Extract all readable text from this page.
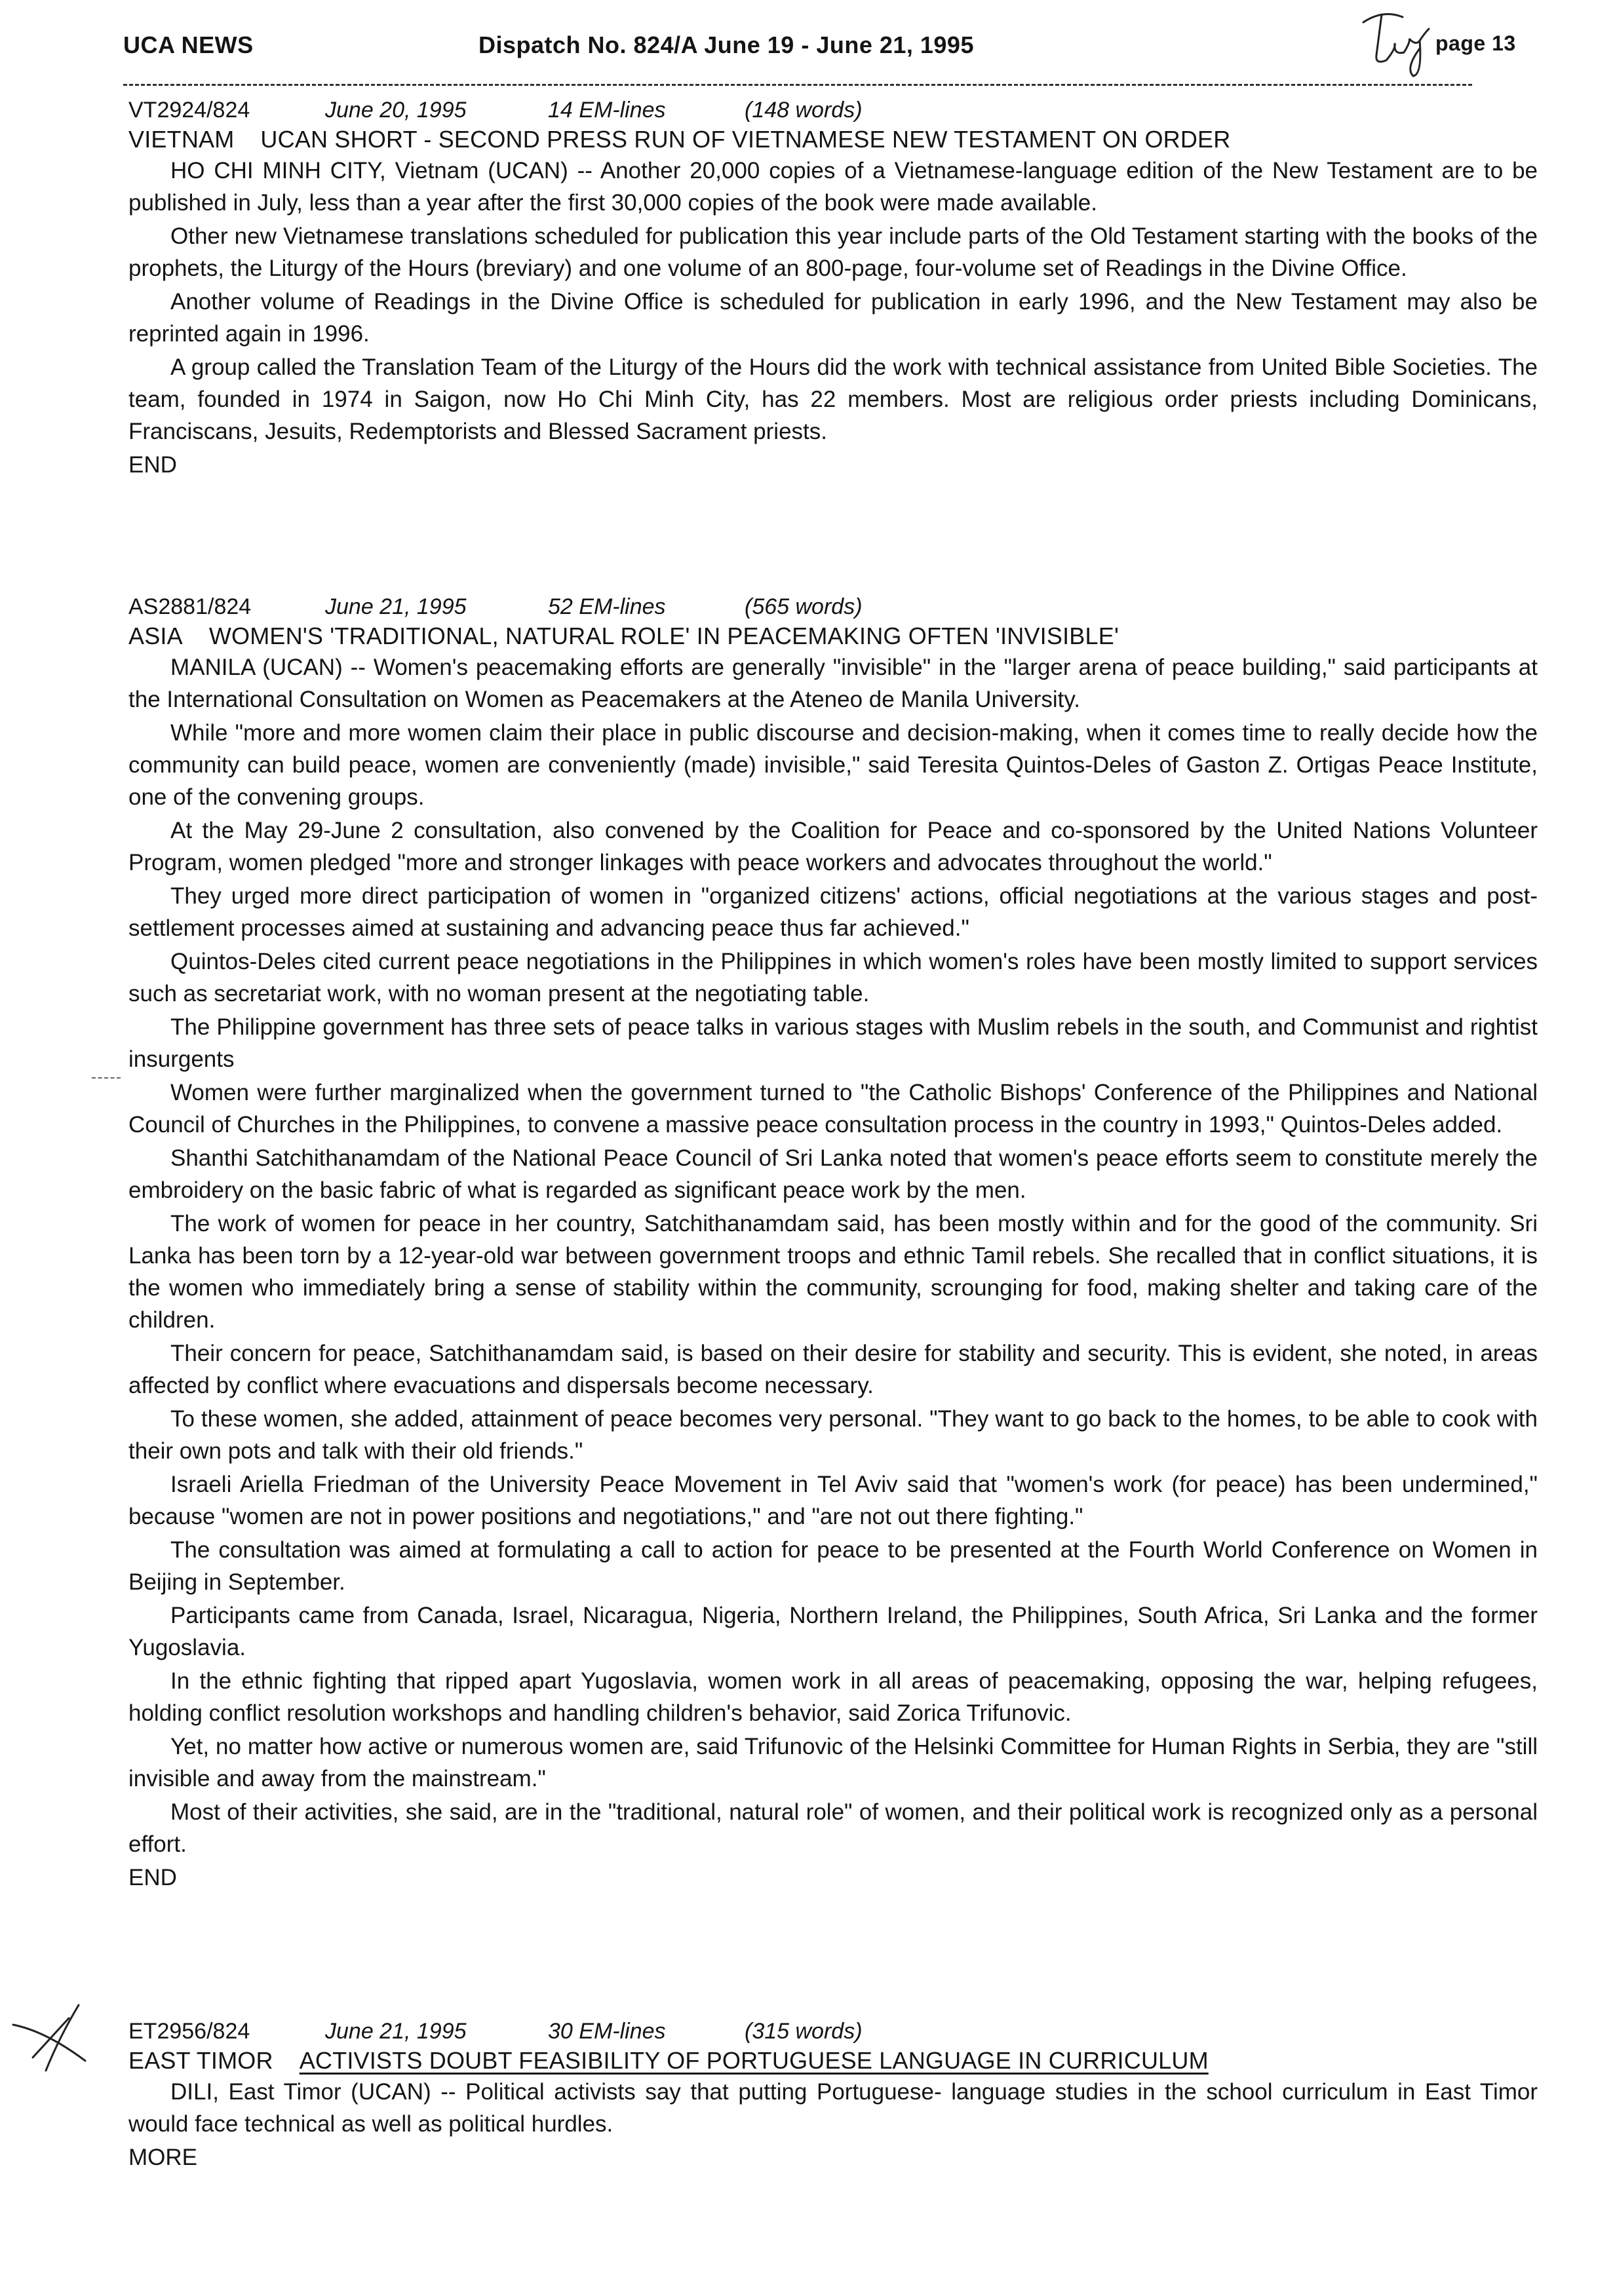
UCA NEWS	Dispatch No. 824/A June 19 - June 21, 1995	page 13
VT2924/824	June 20, 1995	14 EM-lines	(148 words)
VIETNAM UCAN SHORT - SECOND PRESS RUN OF VIETNAMESE NEW TESTAMENT ON ORDER

HO CHI MINH CITY, Vietnam (UCAN) -- Another 20,000 copies of a Vietnamese-language edition of the New Testament are to be published in July, less than a year after the first 30,000 copies of the book were made available.

Other new Vietnamese translations scheduled for publication this year include parts of the Old Testament starting with the books of the prophets, the Liturgy of the Hours (breviary) and one volume of an 800-page, four-volume set of Readings in the Divine Office.

Another volume of Readings in the Divine Office is scheduled for publication in early 1996, and the New Testament may also be reprinted again in 1996.

A group called the Translation Team of the Liturgy of the Hours did the work with technical assistance from United Bible Societies. The team, founded in 1974 in Saigon, now Ho Chi Minh City, has 22 members. Most are religious order priests including Dominicans, Franciscans, Jesuits, Redemptorists and Blessed Sacrament priests.

END
AS2881/824	June 21, 1995	52 EM-lines	(565 words)
ASIA WOMEN'S 'TRADITIONAL, NATURAL ROLE' IN PEACEMAKING OFTEN 'INVISIBLE'

MANILA (UCAN) -- Women's peacemaking efforts are generally "invisible" in the "larger arena of peace building," said participants at the International Consultation on Women as Peacemakers at the Ateneo de Manila University.

While "more and more women claim their place in public discourse and decision-making, when it comes time to really decide how the community can build peace, women are conveniently (made) invisible," said Teresita Quintos-Deles of Gaston Z. Ortigas Peace Institute, one of the convening groups.

At the May 29-June 2 consultation, also convened by the Coalition for Peace and co-sponsored by the United Nations Volunteer Program, women pledged "more and stronger linkages with peace workers and advocates throughout the world."

They urged more direct participation of women in "organized citizens' actions, official negotiations at the various stages and post-settlement processes aimed at sustaining and advancing peace thus far achieved."

Quintos-Deles cited current peace negotiations in the Philippines in which women's roles have been mostly limited to support services such as secretariat work, with no woman present at the negotiating table.

The Philippine government has three sets of peace talks in various stages with Muslim rebels in the south, and Communist and rightist insurgents

Women were further marginalized when the government turned to "the Catholic Bishops' Conference of the Philippines and National Council of Churches in the Philippines, to convene a massive peace consultation process in the country in 1993," Quintos-Deles added.

Shanthi Satchithanamdam of the National Peace Council of Sri Lanka noted that women's peace efforts seem to constitute merely the embroidery on the basic fabric of what is regarded as significant peace work by the men.

The work of women for peace in her country, Satchithanamdam said, has been mostly within and for the good of the community. Sri Lanka has been torn by a 12-year-old war between government troops and ethnic Tamil rebels. She recalled that in conflict situations, it is the women who immediately bring a sense of stability within the community, scrounging for food, making shelter and taking care of the children.

Their concern for peace, Satchithanamdam said, is based on their desire for stability and security. This is evident, she noted, in areas affected by conflict where evacuations and dispersals become necessary.

To these women, she added, attainment of peace becomes very personal. "They want to go back to the homes, to be able to cook with their own pots and talk with their old friends."

Israeli Ariella Friedman of the University Peace Movement in Tel Aviv said that "women's work (for peace) has been undermined," because "women are not in power positions and negotiations," and "are not out there fighting."

The consultation was aimed at formulating a call to action for peace to be presented at the Fourth World Conference on Women in Beijing in September.

Participants came from Canada, Israel, Nicaragua, Nigeria, Northern Ireland, the Philippines, South Africa, Sri Lanka and the former Yugoslavia.

In the ethnic fighting that ripped apart Yugoslavia, women work in all areas of peacemaking, opposing the war, helping refugees, holding conflict resolution workshops and handling children's behavior, said Zorica Trifunovic.

Yet, no matter how active or numerous women are, said Trifunovic of the Helsinki Committee for Human Rights in Serbia, they are "still invisible and away from the mainstream."

Most of their activities, she said, are in the "traditional, natural role" of women, and their political work is recognized only as a personal effort.

END
ET2956/824	June 21, 1995	30 EM-lines	(315 words)
EAST TIMOR ACTIVISTS DOUBT FEASIBILITY OF PORTUGUESE LANGUAGE IN CURRICULUM

DILI, East Timor (UCAN) -- Political activists say that putting Portuguese- language studies in the school curriculum in East Timor would face technical as well as political hurdles.

MORE
